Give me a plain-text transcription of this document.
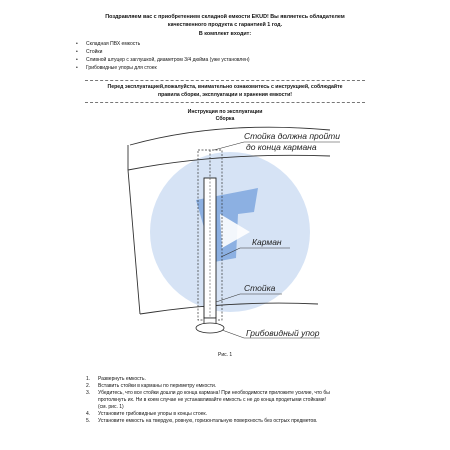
Поздравляем вас с приобретением складной емкости EKUD! Вы являетесь обладателем
качественного продукта с гарантией 1 год.
В комплект входит:
• Складная ПВХ емкость
• Стойки
• Сливной штуцер с заглушкой, диаметром 3/4 дюйма (уже установлен)
• Грибовидные упоры для стоек
Перед эксплуатацией,пожалуйста, внимательно ознакомитесь с инструкцией, соблюдайте
правила сборки, эксплуатации и хранения емкости!
Инструкция по эксплуатации
Сборка
Стойка должна пройти
до конца кармана
Карман
Стойка
Грибовидный упор
Рис. 1
1. Развернуть емкость.
2. Вставить стойки в карманы по периметру емкости.
3. Убедитесь, что все стойки дошли до конца кармана! При необходимости приложите усилие, что бы
протолкнуть их. Ни в коем случае не устанавливайте емкость с не до конца продетыми стойками!
(см. рис. 1)
4. Установите грибовидные упоры в концы стоек.
5. Установите емкость на твердую, ровную, горизонтальную поверхность без острых предметов.
